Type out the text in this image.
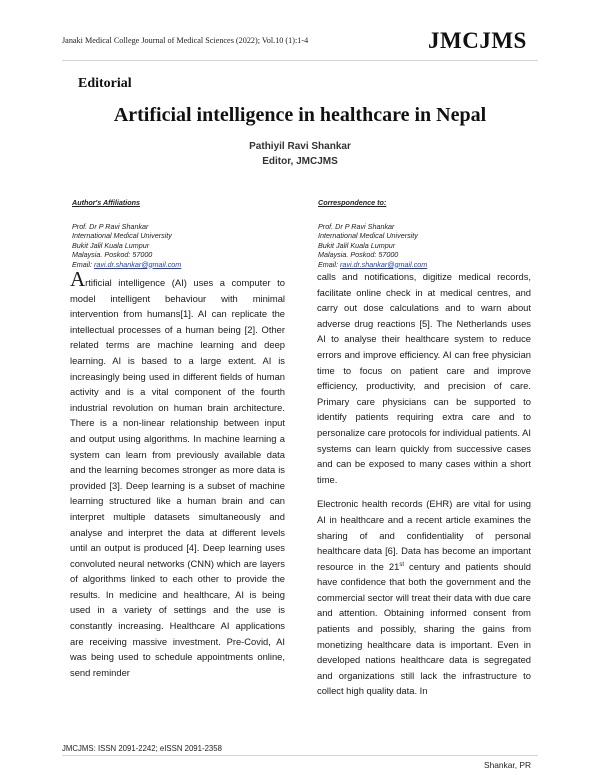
Janaki Medical College Journal of Medical Sciences (2022); Vol.10 (1):1-4	JMCJMS
Editorial
Artificial intelligence in healthcare in Nepal
Pathiyil Ravi Shankar
Editor, JMCJMS
Author's Affiliations
Prof. Dr P Ravi Shankar
International Medical University
Bukit Jalil Kuala Lumpur
Malaysia. Poskod: 57000
Email: ravi.dr.shankar@gmail.com
Correspondence to:
Prof. Dr P Ravi Shankar
International Medical University
Bukit Jalil Kuala Lumpur
Malaysia. Poskod: 57000
Email: ravi.dr.shankar@gmail.com

Artificial intelligence (AI) uses a computer to model intelligent behaviour with minimal intervention from humans[1]. AI can replicate the intellectual processes of a human being [2]. Other related terms are machine learning and deep learning. AI is based to a large extent. AI is increasingly being used in different fields of human activity and is a vital component of the fourth industrial revolution on human brain architecture. There is a non-linear relationship between input and output using algorithms. In machine learning a system can learn from previously available data and the learning becomes stronger as more data is provided [3]. Deep learning is a subset of machine learning structured like a human brain and can interpret multiple datasets simultaneously and analyse and interpret the data at different levels until an output is produced [4]. Deep learning uses convoluted neural networks (CNN) which are layers of algorithms linked to each other to provide the results. In medicine and healthcare, AI is being used in a variety of settings and the use is constantly increasing. Healthcare AI applications are receiving massive investment. Pre-Covid, AI was being used to schedule appointments online, send reminder

calls and notifications, digitize medical records, facilitate online check in at medical centres, and carry out dose calculations and to warn about adverse drug reactions [5]. The Netherlands uses AI to analyse their healthcare system to reduce errors and improve efficiency. AI can free physician time to focus on patient care and improve efficiency, productivity, and precision of care. Primary care physicians can be supported to identify patients requiring extra care and to personalize care protocols for individual patients. AI systems can learn quickly from successive cases and can be exposed to many cases within a short time.

Electronic health records (EHR) are vital for using AI in healthcare and a recent article examines the sharing of and confidentiality of personal healthcare data [6]. Data has become an important resource in the 21st century and patients should have confidence that both the government and the commercial sector will treat their data with due care and attention. Obtaining informed consent from patients and possibly, sharing the gains from monetizing healthcare data is important. Even in developed nations healthcare data is segregated and organizations still lack the infrastructure to collect high quality data. In

JMCJMS: ISSN 2091-2242; eISSN 2091-2358
Shankar, PR
